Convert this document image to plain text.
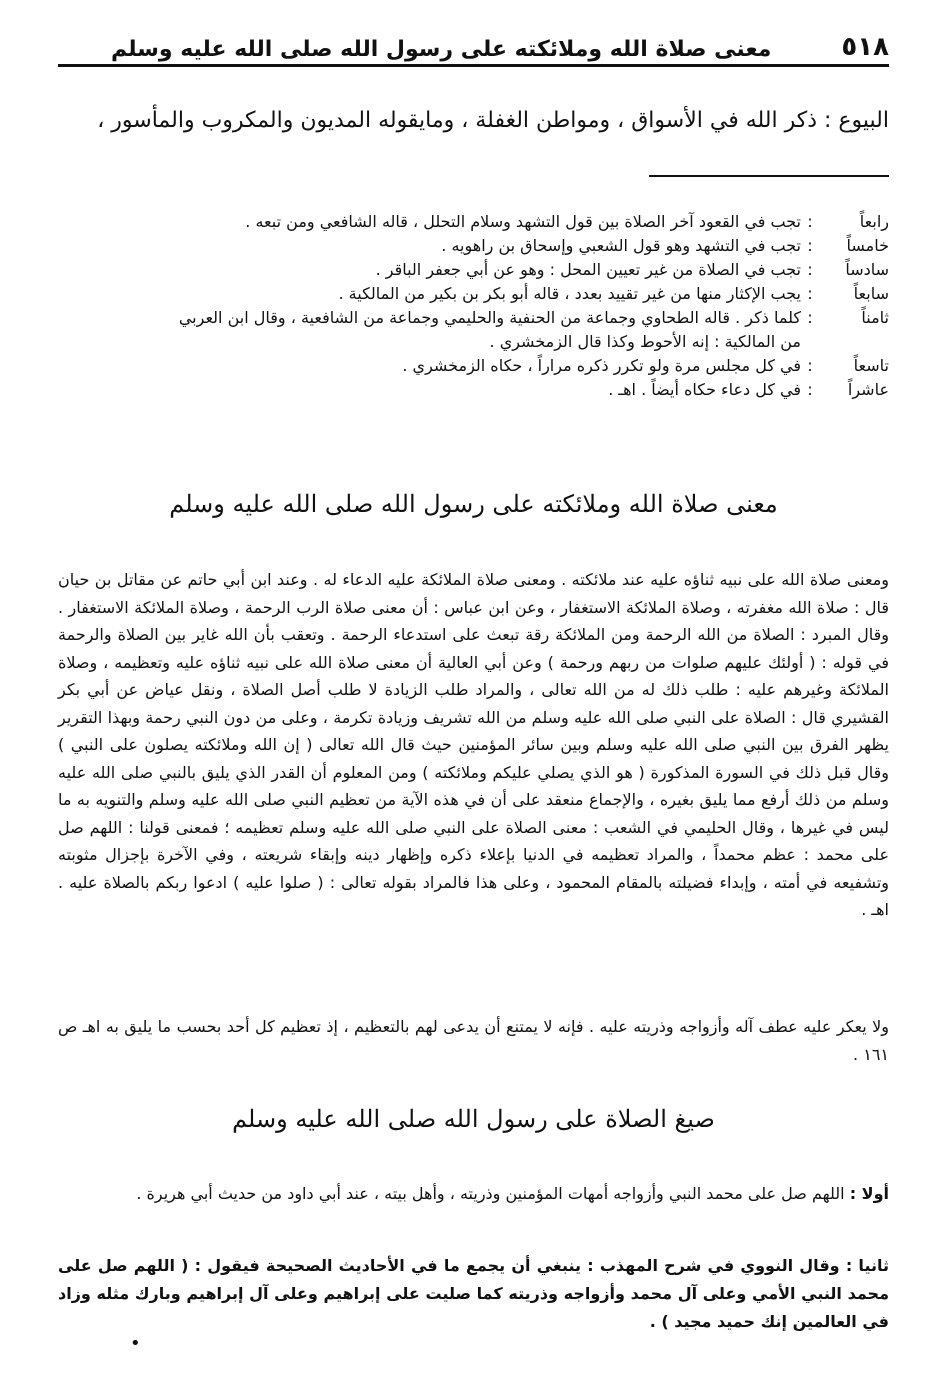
٥١٨
معنى صلاة الله وملائكته على رسول الله صلى الله عليه وسلم
البيوع : ذكر الله في الأسواق ، ومواطن الغفلة ، ومايقوله المديون والمكروب والمأسور ،
رابعاً
:
تجب في القعود آخر الصلاة بين قول التشهد وسلام التحلل ، قاله الشافعي ومن تبعه .
خامساً
:
تجب في التشهد وهو قول الشعبي وإسحاق بن راهويه .
سادساً
:
تجب في الصلاة من غير تعيين المحل : وهو عن أبي جعفر الباقر .
سابعاً
:
يجب الإكثار منها من غير تقييد بعدد ، قاله أبو بكر بن بكير من المالكية .
ثامناً
:
كلما ذكر . قاله الطحاوي وجماعة من الحنفية والحليمي وجماعة من الشافعية ، وقال ابن العربي
من المالكية : إنه الأحوط وكذا قال الزمخشري .
تاسعاً
:
في كل مجلس مرة ولو تكرر ذكره مراراً ، حكاه الزمخشري .
عاشراً
:
في كل دعاء حكاه أيضاً . اهـ .
معنى صلاة الله وملائكته على رسول الله صلى الله عليه وسلم
ومعنى صلاة الله على نبيه ثناؤه عليه عند ملائكته . ومعنى صلاة الملائكة عليه الدعاء له . وعند ابن أبي حاتم عن مقاتل بن حيان قال : صلاة الله مغفرته ، وصلاة الملائكة الاستغفار ، وعن ابن عباس : أن معنى صلاة الرب الرحمة ، وصلاة الملائكة الاستغفار . وقال المبرد : الصلاة من الله الرحمة ومن الملائكة رقة تبعث على استدعاء الرحمة . وتعقب بأن الله غاير بين الصلاة والرحمة في قوله : ( أولئك عليهم صلوات من ربهم ورحمة ) وعن أبي العالية أن معنى صلاة الله على نبيه ثناؤه عليه وتعظيمه ، وصلاة الملائكة وغيرهم عليه : طلب ذلك له من الله تعالى ، والمراد طلب الزيادة لا طلب أصل الصلاة ، ونقل عياض عن أبي بكر القشيري قال : الصلاة على النبي صلى الله عليه وسلم من الله تشريف وزيادة تكرمة ، وعلى من دون النبي رحمة وبهذا التقرير يظهر الفرق بين النبي صلى الله عليه وسلم وبين سائر المؤمنين حيث قال الله تعالى ( إن الله وملائكته يصلون على النبي ) وقال قبل ذلك في السورة المذكورة ( هو الذي يصلي عليكم وملائكته ) ومن المعلوم أن القدر الذي يليق بالنبي صلى الله عليه وسلم من ذلك أرفع مما يليق بغيره ، والإجماع منعقد على أن في هذه الآية من تعظيم النبي صلى الله عليه وسلم والتنويه به ما ليس في غيرها ، وقال الحليمي في الشعب : معنى الصلاة على النبي صلى الله عليه وسلم تعظيمه ؛ فمعنى قولنا : اللهم صل على محمد : عظم محمداً ، والمراد تعظيمه في الدنيا بإعلاء ذكره وإظهار دينه وإبقاء شريعته ، وفي الآخرة بإجزال مثوبته وتشفيعه في أمته ، وإبداء فضيلته بالمقام المحمود ، وعلى هذا فالمراد بقوله تعالى : ( صلوا عليه ) ادعوا ربكم بالصلاة عليه . اهـ .
ولا يعكر عليه عطف آله وأزواجه وذريته عليه . فإنه لا يمتنع أن يدعى لهم بالتعظيم ، إذ تعظيم كل أحد بحسب ما يليق به اهـ ص ١٦١ .
صيغ الصلاة على رسول الله صلى الله عليه وسلم
أولا : اللهم صل على محمد النبي وأزواجه أمهات المؤمنين وذريته ، وأهل بيته ، عند أبي داود من حديث أبي هريرة .
ثانيا : وقال النووي في شرح المهذب : ينبغي أن يجمع ما في الأحاديث الصحيحة فيقول : ( اللهم صل على محمد النبي الأمي وعلى آل محمد وأزواجه وذريته كما صليت على إبراهيم وعلى آل إبراهيم وبارك مثله وزاد في العالمين إنك حميد مجيد ) .
•
